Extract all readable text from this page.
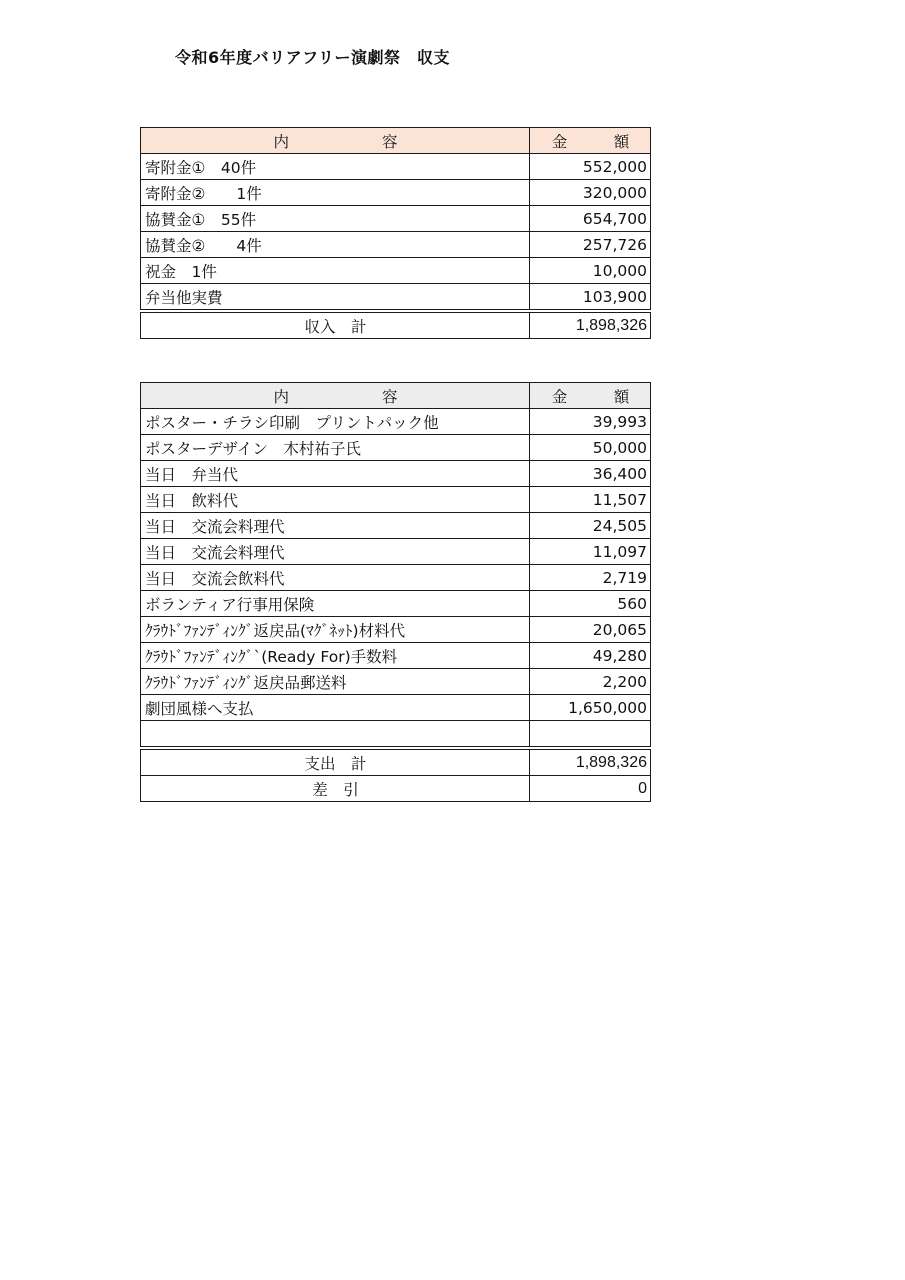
令和6年度バリアフリー演劇祭　収支
内　　　　　　容	金　　　額
寄附金①　40件	552,000
寄附金②　　1件	320,000
協賛金①　55件	654,700
協賛金②　　4件	257,726
祝金　1件	10,000
弁当他実費	103,900
収入　計	1,898,326
内　　　　　　容	金　　　額
ポスター・チラシ印刷　プリントパック他	39,993
ポスターデザイン　木村祐子氏	50,000
当日　弁当代	36,400
当日　飲料代	11,507
当日　交流会料理代	24,505
当日　交流会料理代	11,097
当日　交流会飲料代	2,719
ボランティア行事用保険	560
ｸﾗｳﾄﾞﾌｧﾝﾃﾞｨﾝｸﾞ返戻品(ﾏｸﾞﾈｯﾄ)材料代	20,065
ｸﾗｳﾄﾞﾌｧﾝﾃﾞｨﾝｸﾞ`(Ready For)手数料	49,280
ｸﾗｳﾄﾞﾌｧﾝﾃﾞｨﾝｸﾞ返戻品郵送料	2,200
劇団風様へ支払	1,650,000

支出　計	1,898,326
差　引	0
